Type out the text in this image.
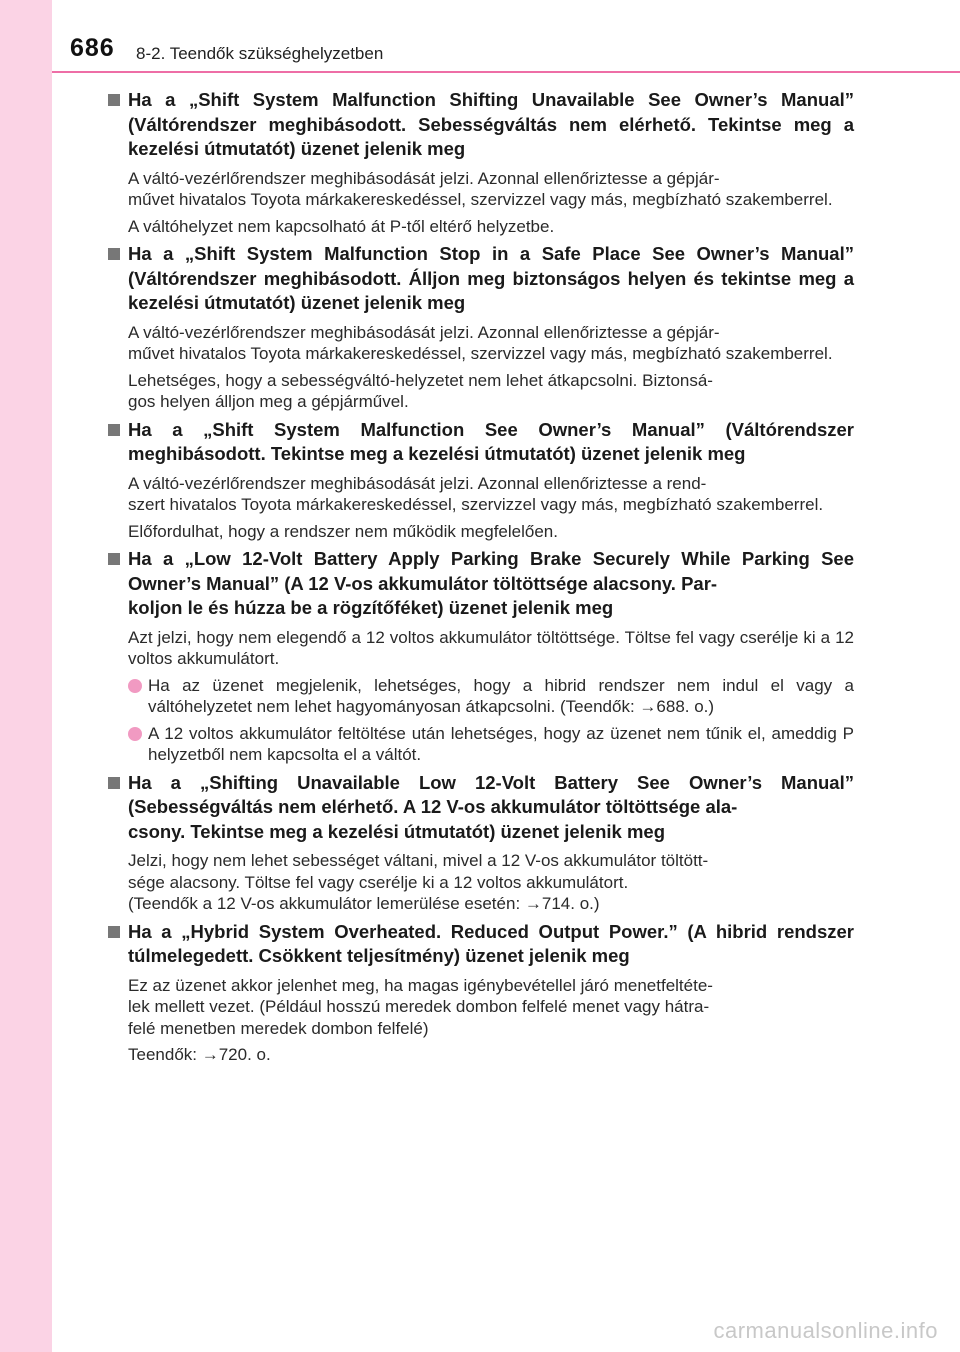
686 8-2. Teendők szükséghelyzetben
Ha a „Shift System Malfunction Shifting Unavailable See Owner’s Manual” (Váltórendszer meghibásodott. Sebességváltás nem elérhető. Tekintse meg a kezelési útmutatót) üzenet jelenik meg
A váltó-vezérlőrendszer meghibásodását jelzi. Azonnal ellenőriztesse a gépjár-
művet hivatalos Toyota márkakereskedéssel, szervizzel vagy más, megbízható szakemberrel.
A váltóhelyzet nem kapcsolható át P-től eltérő helyzetbe.
Ha a „Shift System Malfunction Stop in a Safe Place See Owner’s Manual” (Váltórendszer meghibásodott. Álljon meg biztonságos helyen és tekintse meg a kezelési útmutatót) üzenet jelenik meg
A váltó-vezérlőrendszer meghibásodását jelzi. Azonnal ellenőriztesse a gépjár-
művet hivatalos Toyota márkakereskedéssel, szervizzel vagy más, megbízható szakemberrel.
Lehetséges, hogy a sebességváltó-helyzetet nem lehet átkapcsolni. Biztonsá-
gos helyen álljon meg a gépjárművel.
Ha a „Shift System Malfunction See Owner’s Manual” (Váltórendszer meghibásodott. Tekintse meg a kezelési útmutatót) üzenet jelenik meg
A váltó-vezérlőrendszer meghibásodását jelzi. Azonnal ellenőriztesse a rend-
szert hivatalos Toyota márkakereskedéssel, szervizzel vagy más, megbízható szakemberrel.
Előfordulhat, hogy a rendszer nem működik megfelelően.
Ha a „Low 12-Volt Battery Apply Parking Brake Securely While Parking See Owner’s Manual” (A 12 V-os akkumulátor töltöttsége alacsony. Par-
koljon le és húzza be a rögzítőféket) üzenet jelenik meg
Azt jelzi, hogy nem elegendő a 12 voltos akkumulátor töltöttsége. Töltse fel vagy cserélje ki a 12 voltos akkumulátort.
Ha az üzenet megjelenik, lehetséges, hogy a hibrid rendszer nem indul el vagy a váltóhelyzetet nem lehet hagyományosan átkapcsolni. (Teendők: →688. o.)
A 12 voltos akkumulátor feltöltése után lehetséges, hogy az üzenet nem tűnik el, ameddig P helyzetből nem kapcsolta el a váltót.
Ha a „Shifting Unavailable Low 12-Volt Battery See Owner’s Manual” (Sebességváltás nem elérhető. A 12 V-os akkumulátor töltöttsége ala-
csony. Tekintse meg a kezelési útmutatót) üzenet jelenik meg
Jelzi, hogy nem lehet sebességet váltani, mivel a 12 V-os akkumulátor töltött-
sége alacsony. Töltse fel vagy cserélje ki a 12 voltos akkumulátort.
(Teendők a 12 V-os akkumulátor lemerülése esetén: →714. o.)
Ha a „Hybrid System Overheated. Reduced Output Power.” (A hibrid rendszer túlmelegedett. Csökkent teljesítmény) üzenet jelenik meg
Ez az üzenet akkor jelenhet meg, ha magas igénybevétellel járó menetfeltéte-
lek mellett vezet. (Például hosszú meredek dombon felfelé menet vagy hátra-
felé menetben meredek dombon felfelé)
Teendők: →720. o.
carmanualsonline.info
